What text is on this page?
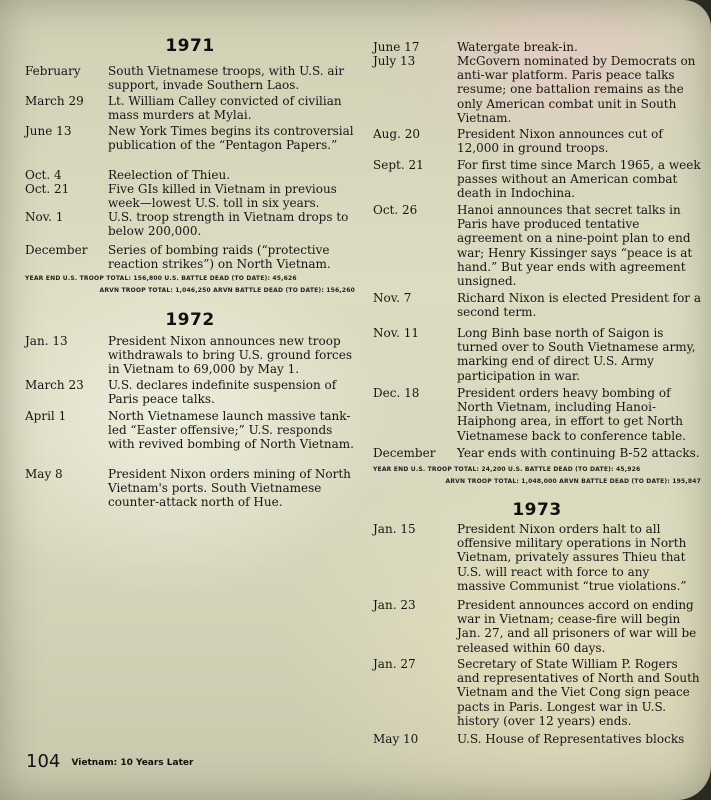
1971
February	South Vietnamese troops, with U.S. air support, invade Southern Laos.
March 29	Lt. William Calley convicted of civilian mass murders at Mylai.
June 13	New York Times begins its controversial publication of the “Pentagon Papers.”
Oct. 4	Reelection of Thieu.
Oct. 21	Five GIs killed in Vietnam in previous week—lowest U.S. toll in six years.
Nov. 1	U.S. troop strength in Vietnam drops to below 200,000.
December	Series of bombing raids (“protective reaction strikes”) on North Vietnam.
YEAR END U.S. TROOP TOTAL: 156,800 U.S. BATTLE DEAD (TO DATE): 45,626
ARVN TROOP TOTAL: 1,046,250 ARVN BATTLE DEAD (TO DATE): 156,260
1972
Jan. 13	President Nixon announces new troop withdrawals to bring U.S. ground forces in Vietnam to 69,000 by May 1.
March 23	U.S. declares indefinite suspension of Paris peace talks.
April 1	North Vietnamese launch massive tank-led “Easter offensive;” U.S. responds with revived bombing of North Vietnam.
May 8	President Nixon orders mining of North Vietnam's ports. South Vietnamese counter-attack north of Hue.
June 17	Watergate break-in.
July 13	McGovern nominated by Democrats on anti-war platform. Paris peace talks resume; one battalion remains as the only American combat unit in South Vietnam.
Aug. 20	President Nixon announces cut of 12,000 in ground troops.
Sept. 21	For first time since March 1965, a week passes without an American combat death in Indochina.
Oct. 26	Hanoi announces that secret talks in Paris have produced tentative agreement on a nine-point plan to end war; Henry Kissinger says “peace is at hand.” But year ends with agreement unsigned.
Nov. 7	Richard Nixon is elected President for a second term.
Nov. 11	Long Binh base north of Saigon is turned over to South Vietnamese army, marking end of direct U.S. Army participation in war.
Dec. 18	President orders heavy bombing of North Vietnam, including Hanoi-Haiphong area, in effort to get North Vietnamese back to conference table.
December	Year ends with continuing B-52 attacks.
YEAR END U.S. TROOP TOTAL: 24,200 U.S. BATTLE DEAD (TO DATE): 45,926
ARVN TROOP TOTAL: 1,048,000 ARVN BATTLE DEAD (TO DATE): 195,847
1973
Jan. 15	President Nixon orders halt to all offensive military operations in North Vietnam, privately assures Thieu that U.S. will react with force to any massive Communist “true violations.”
Jan. 23	President announces accord on ending war in Vietnam; cease-fire will begin Jan. 27, and all prisoners of war will be released within 60 days.
Jan. 27	Secretary of State William P. Rogers and representatives of North and South Vietnam and the Viet Cong sign peace pacts in Paris. Longest war in U.S. history (over 12 years) ends.
May 10	U.S. House of Representatives blocks
104 Vietnam: 10 Years Later
